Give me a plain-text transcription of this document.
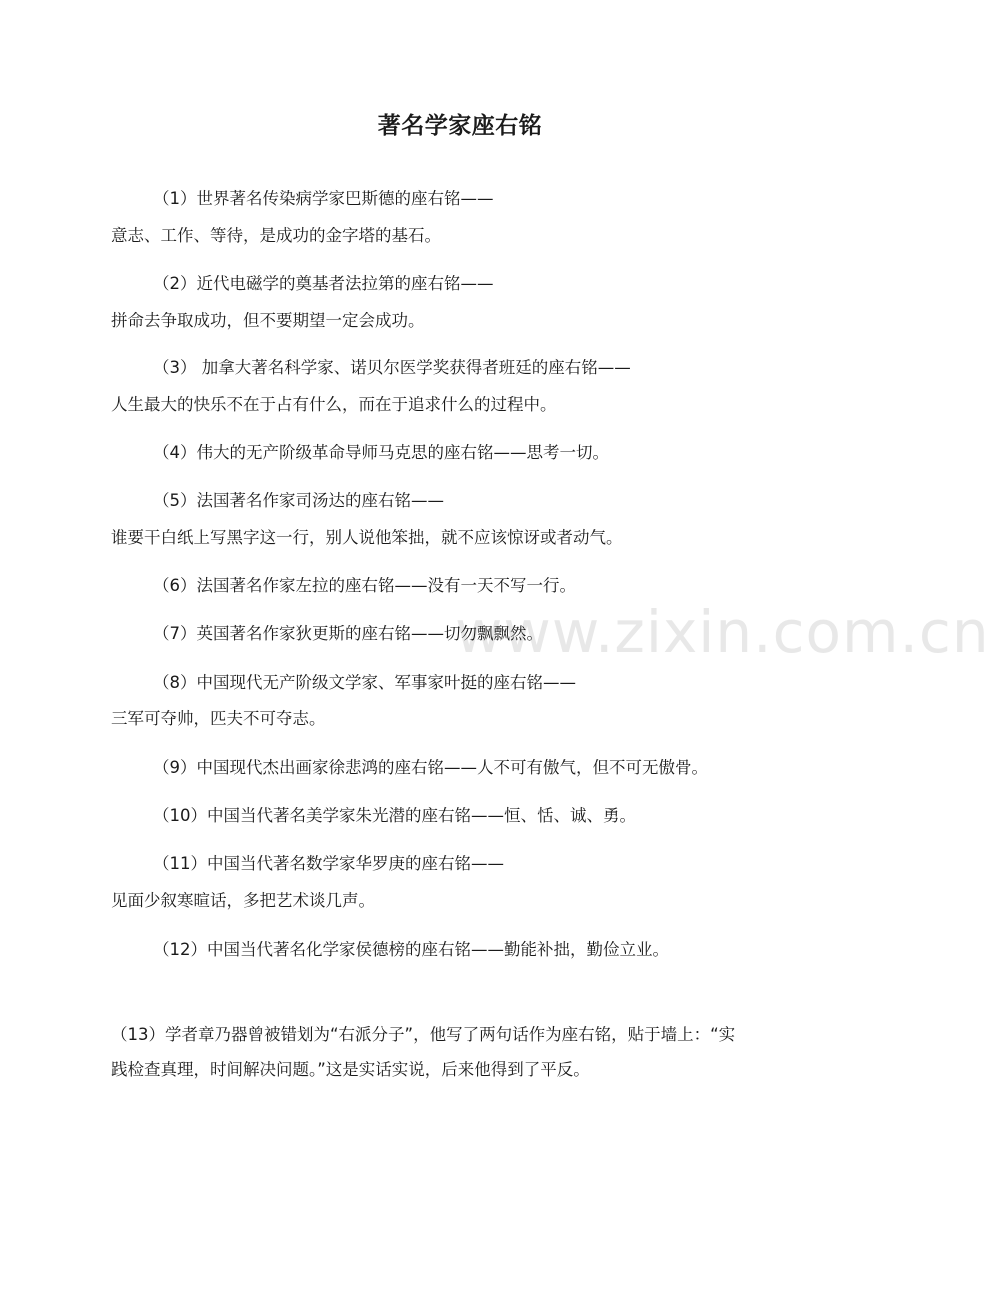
www.zixin.com.cn
著名学家座右铭
（1）世界著名传染病学家巴斯德的座右铭——
意志、工作、等待，是成功的金字塔的基石。
（2）近代电磁学的奠基者法拉第的座右铭——
拼命去争取成功，但不要期望一定会成功。
（3） 加拿大著名科学家、诺贝尔医学奖获得者班廷的座右铭——
人生最大的快乐不在于占有什么，而在于追求什么的过程中。
（4）伟大的无产阶级革命导师马克思的座右铭——思考一切。
（5）法国著名作家司汤达的座右铭——
谁要干白纸上写黑字这一行，别人说他笨拙，就不应该惊讶或者动气。
（6）法国著名作家左拉的座右铭——没有一天不写一行。
（7）英国著名作家狄更斯的座右铭——切勿飘飘然。
（8）中国现代无产阶级文学家、军事家叶挺的座右铭——
三军可夺帅，匹夫不可夺志。
（9）中国现代杰出画家徐悲鸿的座右铭——人不可有傲气，但不可无傲骨。
（10）中国当代著名美学家朱光潜的座右铭——恒、恬、诚、勇。
（11）中国当代著名数学家华罗庚的座右铭——
见面少叙寒暄话，多把艺术谈几声。
（12）中国当代著名化学家侯德榜的座右铭——勤能补拙，勤俭立业。
（13）学者章乃器曾被错划为“右派分子”，他写了两句话作为座右铭，贴于墙上：“实
践检查真理，时间解决问题。”这是实话实说，后来他得到了平反。
